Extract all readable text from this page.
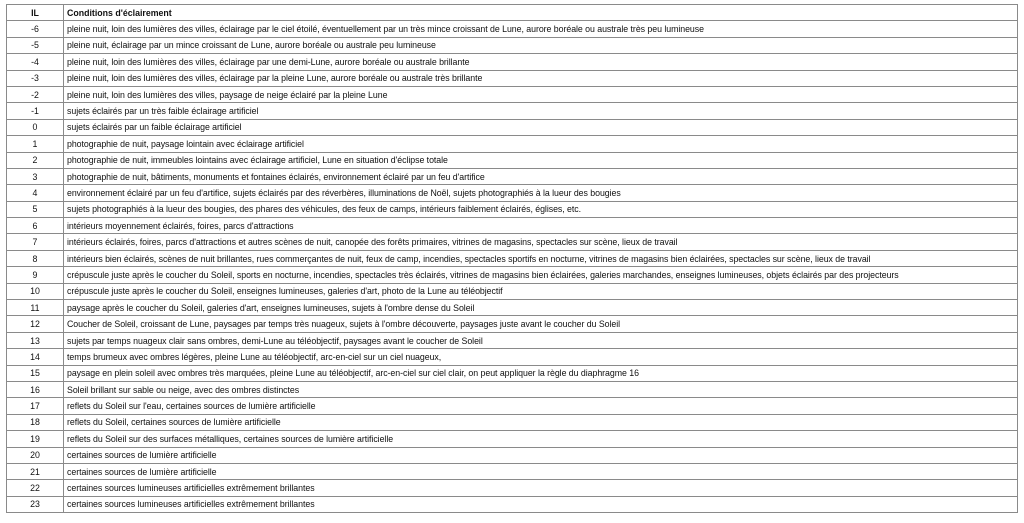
IL	Conditions d'éclairement
-6	pleine nuit, loin des lumières des villes, éclairage par le ciel étoilé, éventuellement par un très mince croissant de Lune, aurore boréale ou australe très peu lumineuse
-5	pleine nuit, éclairage par un mince croissant de Lune, aurore boréale ou australe peu lumineuse
-4	pleine nuit, loin des lumières des villes, éclairage par une demi-Lune, aurore boréale ou australe brillante
-3	pleine nuit, loin des lumières des villes, éclairage par la pleine Lune, aurore boréale ou australe très brillante
-2	pleine nuit, loin des lumières des villes, paysage de neige éclairé par la pleine Lune
-1	sujets éclairés par un très faible éclairage artificiel
0	sujets éclairés par un faible éclairage artificiel
1	photographie de nuit, paysage lointain avec éclairage artificiel
2	photographie de nuit, immeubles lointains avec éclairage artificiel, Lune en situation d'éclipse totale
3	photographie de nuit, bâtiments, monuments et fontaines éclairés, environnement éclairé par un feu d'artifice
4	environnement éclairé par un feu d'artifice, sujets éclairés par des réverbères, illuminations de Noël, sujets photographiés à la lueur des bougies
5	sujets photographiés à la lueur des bougies, des phares des véhicules, des feux de camps, intérieurs faiblement éclairés, églises, etc.
6	intérieurs moyennement éclairés, foires, parcs d'attractions
7	intérieurs éclairés, foires, parcs d'attractions et autres scènes de nuit, canopée des forêts primaires, vitrines de magasins, spectacles sur scène, lieux de travail
8	intérieurs bien éclairés, scènes de nuit brillantes, rues commerçantes de nuit, feux de camp, incendies, spectacles sportifs en nocturne, vitrines de magasins bien éclairées, spectacles sur scène, lieux de travail
9	crépuscule juste après le coucher du Soleil, sports en nocturne, incendies, spectacles très éclairés, vitrines de magasins bien éclairées, galeries marchandes, enseignes lumineuses, objets éclairés par des projecteurs
10	crépuscule juste après le coucher du Soleil, enseignes lumineuses, galeries d'art, photo de la Lune au téléobjectif
11	paysage après le coucher du Soleil, galeries d'art, enseignes lumineuses, sujets à l'ombre dense du Soleil
12	Coucher de Soleil, croissant de Lune, paysages par temps très nuageux, sujets à l'ombre découverte, paysages juste avant le coucher du Soleil
13	sujets par temps nuageux clair sans ombres, demi-Lune au téléobjectif, paysages avant le coucher de Soleil
14	temps brumeux avec ombres légères, pleine Lune au téléobjectif, arc-en-ciel sur un ciel nuageux,
15	paysage en plein soleil avec ombres très marquées, pleine Lune au téléobjectif, arc-en-ciel sur ciel clair, on peut appliquer la règle du diaphragme 16
16	Soleil brillant sur sable ou neige, avec des ombres distinctes
17	reflets du Soleil sur l'eau, certaines sources de lumière artificielle
18	reflets du Soleil, certaines sources de lumière artificielle
19	reflets du Soleil sur des surfaces métalliques, certaines sources de lumière artificielle
20	certaines sources de lumière artificielle
21	certaines sources de lumière artificielle
22	certaines sources lumineuses artificielles extrêmement brillantes
23	certaines sources lumineuses artificielles extrêmement brillantes
